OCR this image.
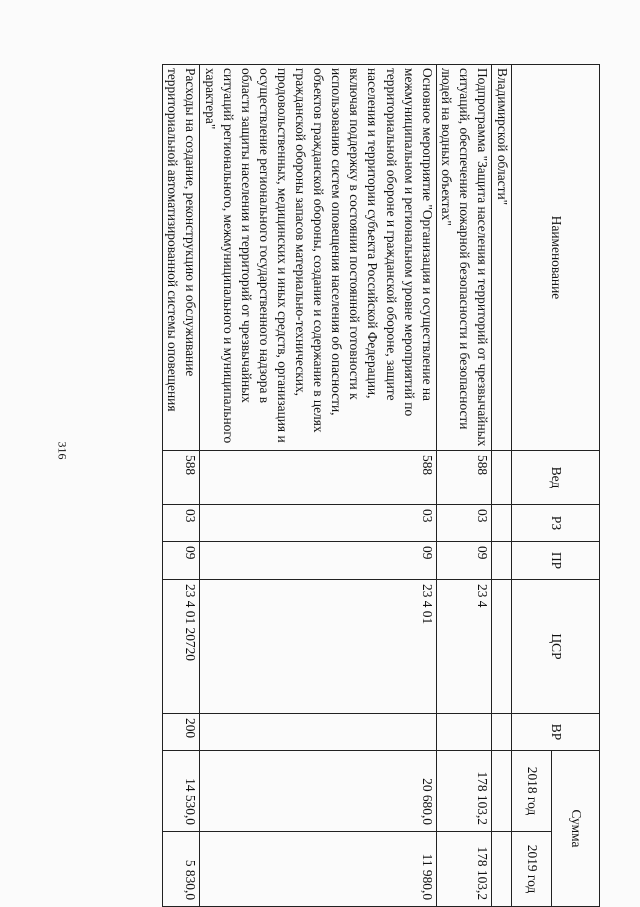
316
Наименование	Вед	РЗ	ПР	ЦСР	ВР	Сумма	
						2018 год	2019 год
Владимирской области"							
Подпрограмма "Защита населения и территорий от чрезвычайных ситуаций, обеспечение пожарной безопасности и безопасности людей на водных объектах"	588	03	09	23 4		178 103,2	178 103,2
Основное мероприятие "Организация и осуществление на межмуниципальном и региональном уровне мероприятий по территориальной обороне и гражданской обороне, защите населения и территории субъекта Российской Федерации, включая поддержку в состоянии постоянной готовности к использованию систем оповещения населения об опасности, объектов гражданской обороны, создание и содержание в целях гражданской обороны запасов материально-технических, продовольственных, медицинских и иных средств, организация и осуществление регионального государственного надзора в области защиты населения и территорий от чрезвычайных ситуаций регионального, межмуниципального и муниципального характера"	588	03	09	23 4 01		20 680,0	11 980,0
Расходы на создание, реконструкцию и обслуживание территориальной автоматизированной системы оповещения	588	03	09	23 4 01 20720	200	14 530,0	5 830,0
